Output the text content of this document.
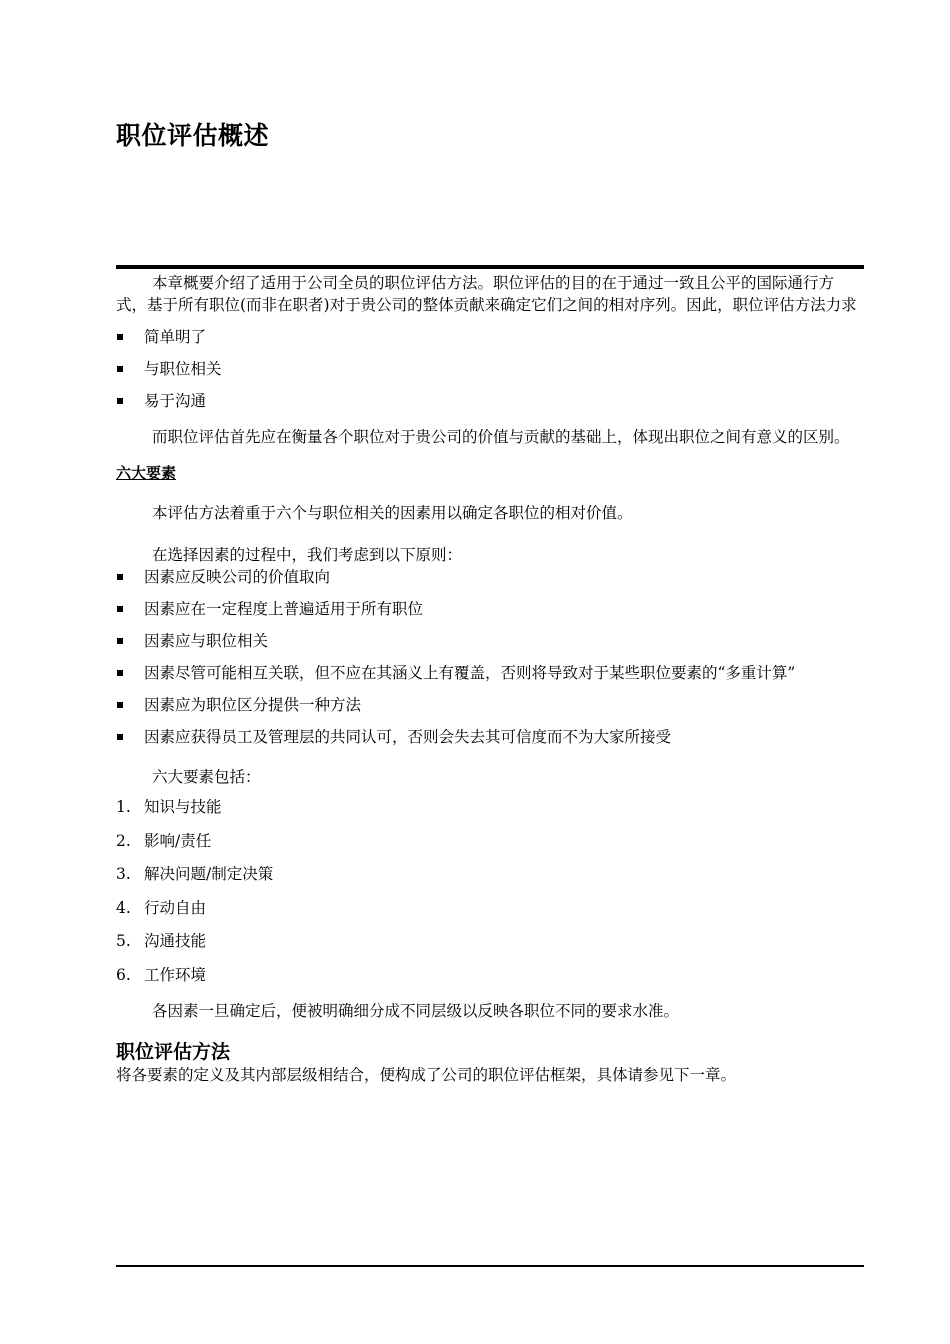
职位评估概述

本章概要介绍了适用于公司全员的职位评估方法。职位评估的目的在于通过一致且公平的国际通行方式，基于所有职位(而非在职者)对于贵公司的整体贡献来确定它们之间的相对序列。因此，职位评估方法力求

简单明了
与职位相关
易于沟通

而职位评估首先应在衡量各个职位对于贵公司的价值与贡献的基础上，体现出职位之间有意义的区别。

六大要素

本评估方法着重于六个与职位相关的因素用以确定各职位的相对价值。

在选择因素的过程中，我们考虑到以下原则：

因素应反映公司的价值取向
因素应在一定程度上普遍适用于所有职位
因素应与职位相关
因素尽管可能相互关联，但不应在其涵义上有覆盖，否则将导致对于某些职位要素的“多重计算”
因素应为职位区分提供一种方法
因素应获得员工及管理层的共同认可，否则会失去其可信度而不为大家所接受

六大要素包括：

1. 知识与技能
2. 影响/责任
3. 解决问题/制定决策
4. 行动自由
5. 沟通技能
6. 工作环境

各因素一旦确定后，便被明确细分成不同层级以反映各职位不同的要求水准。

职位评估方法

将各要素的定义及其内部层级相结合，便构成了公司的职位评估框架，具体请参见下一章。
